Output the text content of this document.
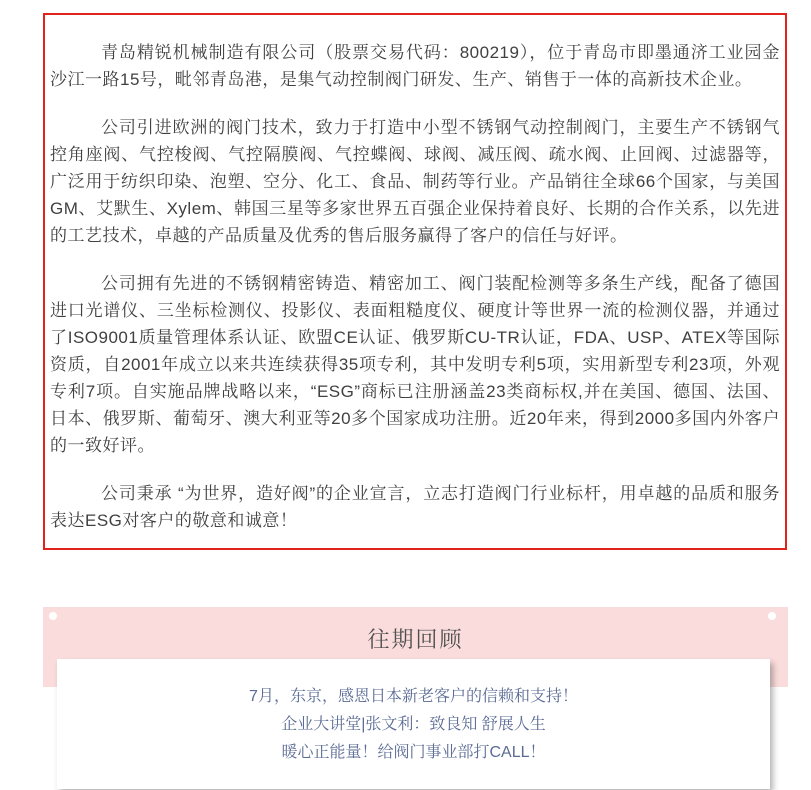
青岛精锐机械制造有限公司（股票交易代码：800219），位于青岛市即墨通济工业园金沙江一路15号，毗邻青岛港，是集气动控制阀门研发、生产、销售于一体的高新技术企业。

公司引进欧洲的阀门技术，致力于打造中小型不锈钢气动控制阀门，主要生产不锈钢气控角座阀、气控梭阀、气控隔膜阀、气控蝶阀、球阀、减压阀、疏水阀、止回阀、过滤器等，广泛用于纺织印染、泡塑、空分、化工、食品、制药等行业。产品销往全球66个国家，与美国GM、艾默生、Xylem、韩国三星等多家世界五百强企业保持着良好、长期的合作关系，以先进的工艺技术，卓越的产品质量及优秀的售后服务赢得了客户的信任与好评。

公司拥有先进的不锈钢精密铸造、精密加工、阀门装配检测等多条生产线，配备了德国进口光谱仪、三坐标检测仪、投影仪、表面粗糙度仪、硬度计等世界一流的检测仪器，并通过了ISO9001质量管理体系认证、欧盟CE认证、俄罗斯CU-TR认证，FDA、USP、ATEX等国际资质，自2001年成立以来共连续获得35项专利，其中发明专利5项，实用新型专利23项，外观专利7项。自实施品牌战略以来，“ESG”商标已注册涵盖23类商标权,并在美国、德国、法国、日本、俄罗斯、葡萄牙、澳大利亚等20多个国家成功注册。近20年来，得到2000多国内外客户的一致好评。

公司秉承 “为世界，造好阀”的企业宣言，立志打造阀门行业标杆，用卓越的品质和服务表达ESG对客户的敬意和诚意！

往期回顾
7月，东京，感恩日本新老客户的信赖和支持！
企业大讲堂|张文利：致良知 舒展人生
暖心正能量！给阀门事业部打CALL！
